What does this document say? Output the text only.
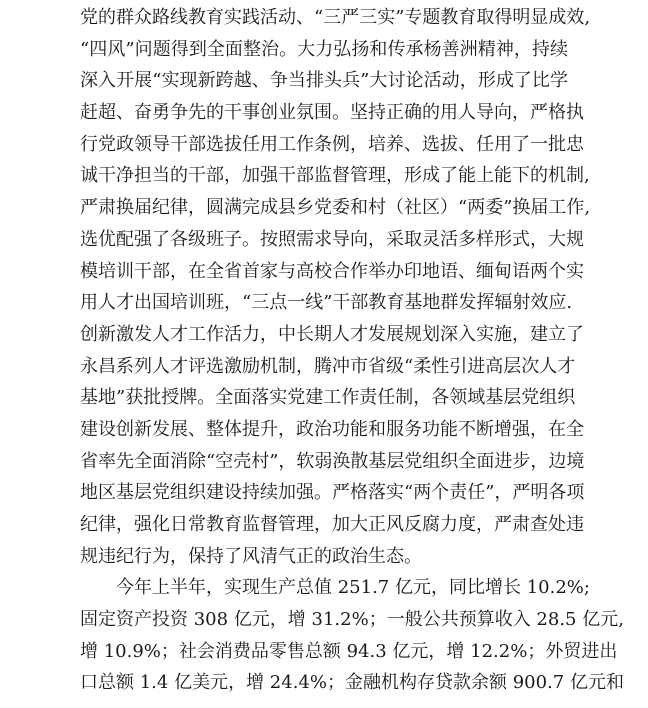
党的群众路线教育实践活动、“三严三实”专题教育取得明显成效,
“四风”问题得到全面整治。大力弘扬和传承杨善洲精神，持续
深入开展“实现新跨越、争当排头兵”大讨论活动，形成了比学
赶超、奋勇争先的干事创业氛围。坚持正确的用人导向，严格执
行党政领导干部选拔任用工作条例，培养、选拔、任用了一批忠
诚干净担当的干部，加强干部监督管理，形成了能上能下的机制,
严肃换届纪律，圆满完成县乡党委和村（社区）“两委”换届工作,
选优配强了各级班子。按照需求导向，采取灵活多样形式，大规
模培训干部，在全省首家与高校合作举办印地语、缅甸语两个实
用人才出国培训班，“三点一线”干部教育基地群发挥辐射效应.
创新激发人才工作活力，中长期人才发展规划深入实施，建立了
永昌系列人才评选激励机制，腾冲市省级“柔性引进高层次人才
基地”获批授牌。全面落实党建工作责任制，各领域基层党组织
建设创新发展、整体提升，政治功能和服务功能不断增强，在全
省率先全面消除“空壳村”，软弱涣散基层党组织全面进步，边境
地区基层党组织建设持续加强。严格落实“两个责任”，严明各项
纪律，强化日常教育监督管理，加大正风反腐力度，严肃查处违
规违纪行为，保持了风清气正的政治生态。
今年上半年，实现生产总值 251.7 亿元，同比增长 10.2%;
固定资产投资 308 亿元，增 31.2%；一般公共预算收入 28.5 亿元,
增 10.9%；社会消费品零售总额 94.3 亿元，增 12.2%；外贸进出
口总额 1.4 亿美元，增 24.4%；金融机构存贷款余额 900.7 亿元和
